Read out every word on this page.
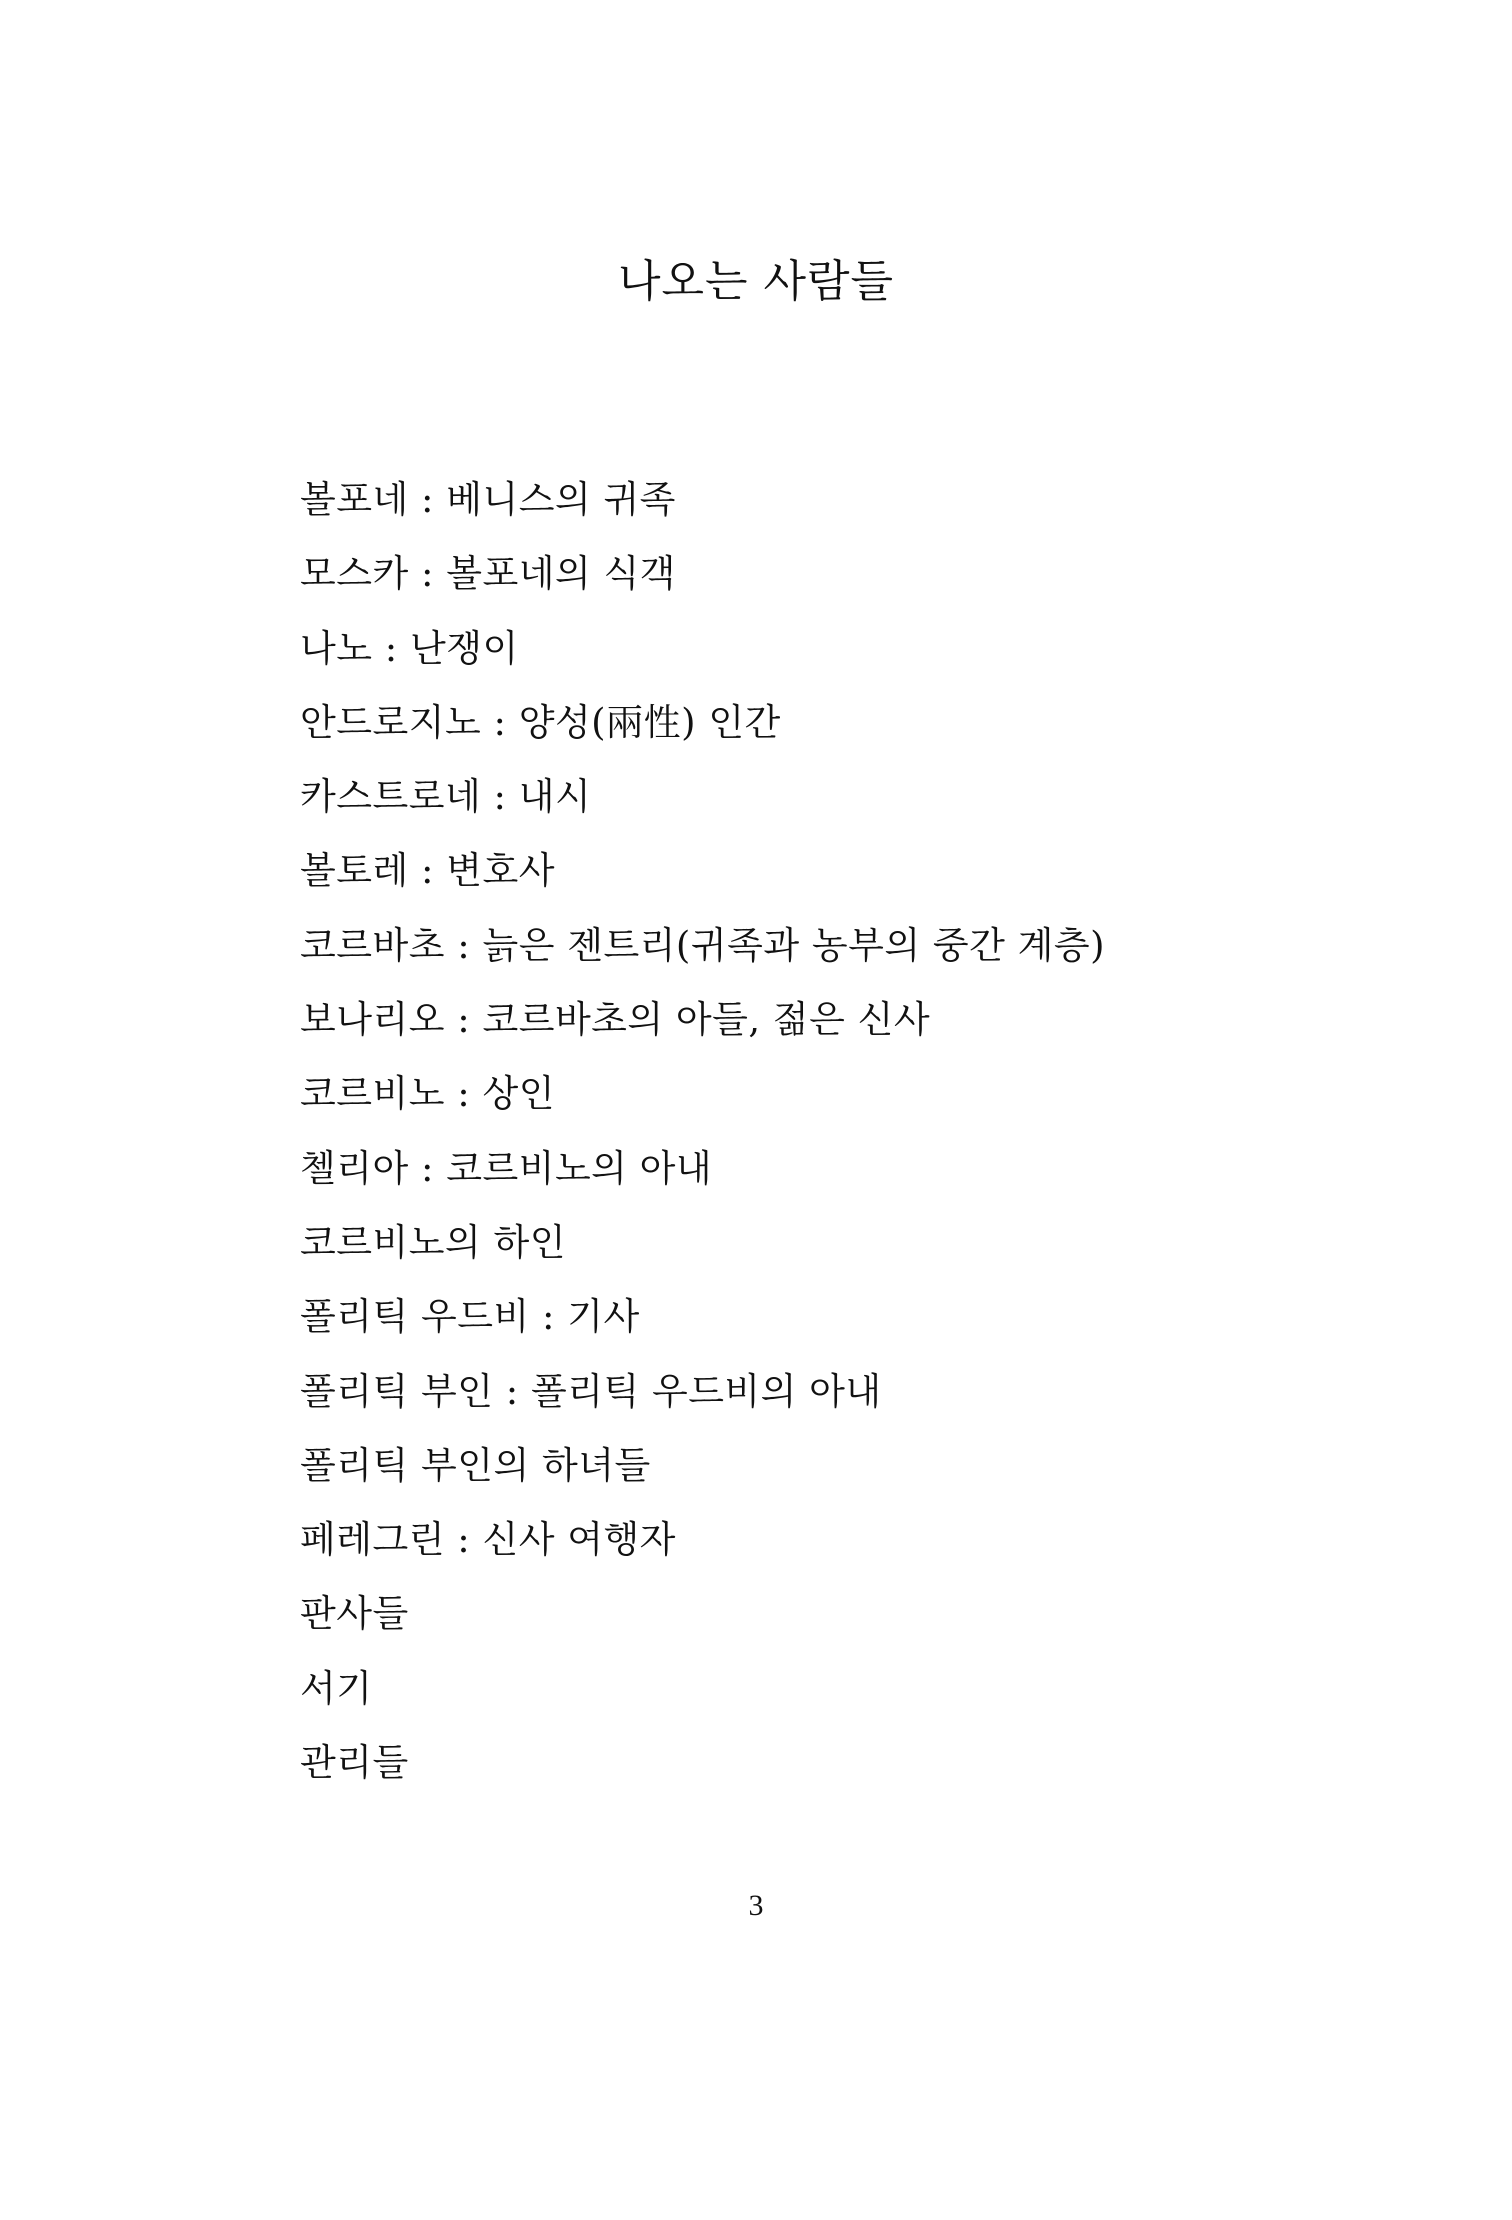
나오는 사람들
볼포네 : 베니스의 귀족
모스카 : 볼포네의 식객
나노 : 난쟁이
안드로지노 : 양성(兩性) 인간
카스트로네 : 내시
볼토레 : 변호사
코르바초 : 늙은 젠트리(귀족과 농부의 중간 계층)
보나리오 : 코르바초의 아들, 젊은 신사
코르비노 : 상인
첼리아 : 코르비노의 아내
코르비노의 하인
폴리틱 우드비 : 기사
폴리틱 부인 : 폴리틱 우드비의 아내
폴리틱 부인의 하녀들
페레그린 : 신사 여행자
판사들
서기
관리들
3
